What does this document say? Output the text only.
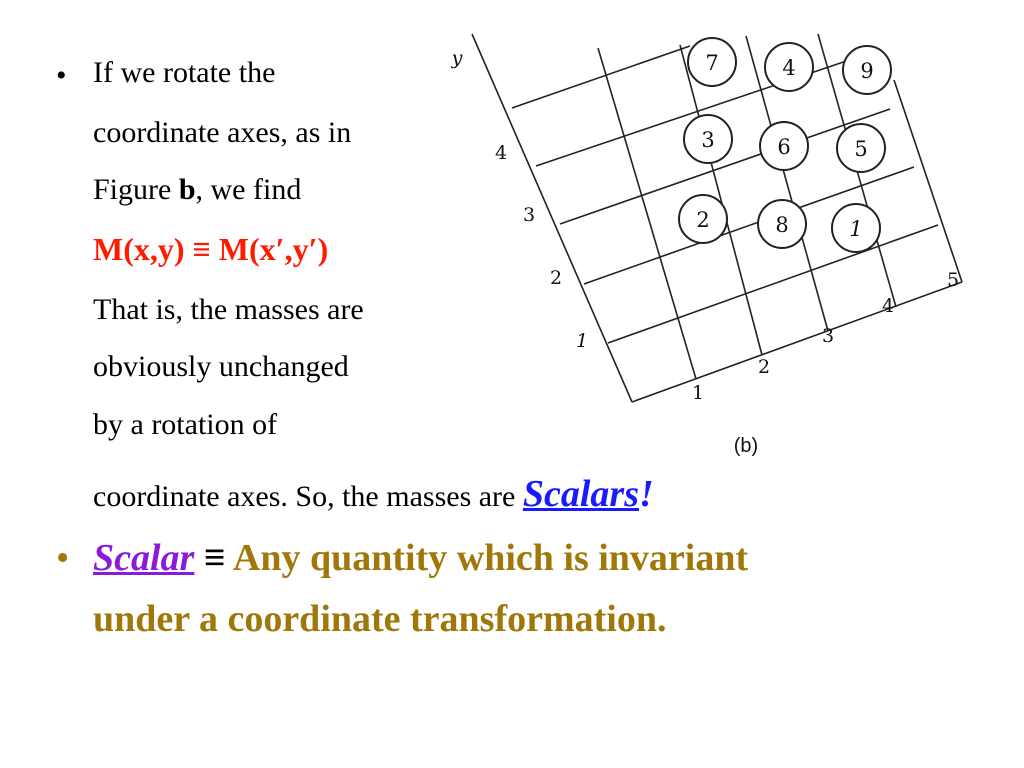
• If we rotate the
coordinate axes, as in
Figure b, we find
M(x,y) ≡ M(x′,y′)
That is, the masses are
obviously unchanged
by a rotation of
coordinate axes. So, the masses are Scalars!
• Scalar ≡ Any quantity which is invariant
under a coordinate transformation.
7	4	9
3	6	5
2	8	1
y
4
3
2
1
1
2
3
4
5
(b)
